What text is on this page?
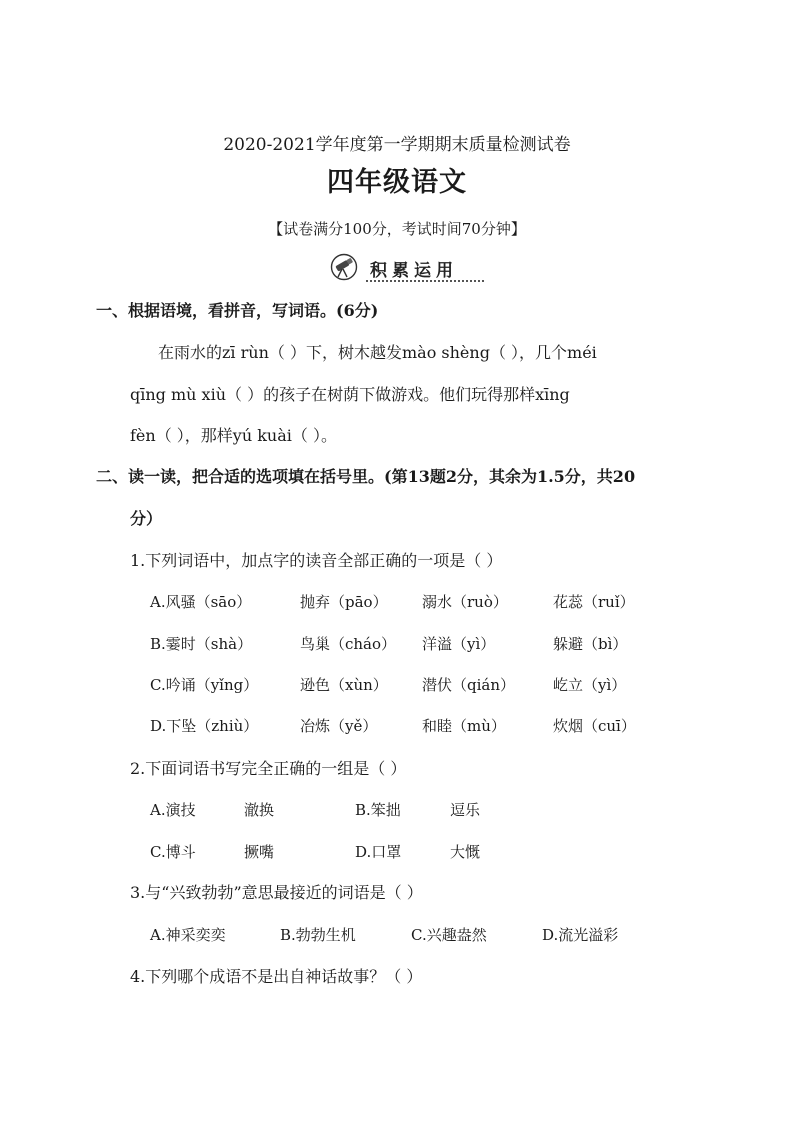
2020-2021学年度第一学期期末质量检测试卷
四年级语文
【试卷满分100分，考试时间70分钟】
积累运用
一、根据语境，看拼音，写词语。(6分)
在雨水的zī rùn（ ）下，树木越发mào shèng（ ），几个méi
qīng mù xiù（ ）的孩子在树荫下做游戏。他们玩得那样xīng
fèn（ ），那样yú kuài（ ）。
二、读一读，把合适的选项填在括号里。(第13题2分，其余为1.5分，共20
分）
1.下列词语中，加点字的读音全部正确的一项是（ ）
A.风骚（sāo）	抛弃（pāo） 溺水（ruò）	花蕊（ruǐ）
B.霎时（shà）	鸟巢（cháo） 洋溢（yì）	躲避（bì）
C.吟诵（yǐng）	逊色（xùn） 潜伏（qián）	屹立（yì）
D.下坠（zhiù）	冶炼（yě）	和睦（mù）	炊烟（cuī）
2.下面词语书写完全正确的一组是（ ）
A.演技	澈换	B.笨拙	逗乐
C.博斗	撅嘴	D.口罩	大慨
3.与“兴致勃勃”意思最接近的词语是（ ）
A.神采奕奕	B.勃勃生机	C.兴趣盎然	D.流光溢彩
4.下列哪个成语不是出自神话故事？（ ）
